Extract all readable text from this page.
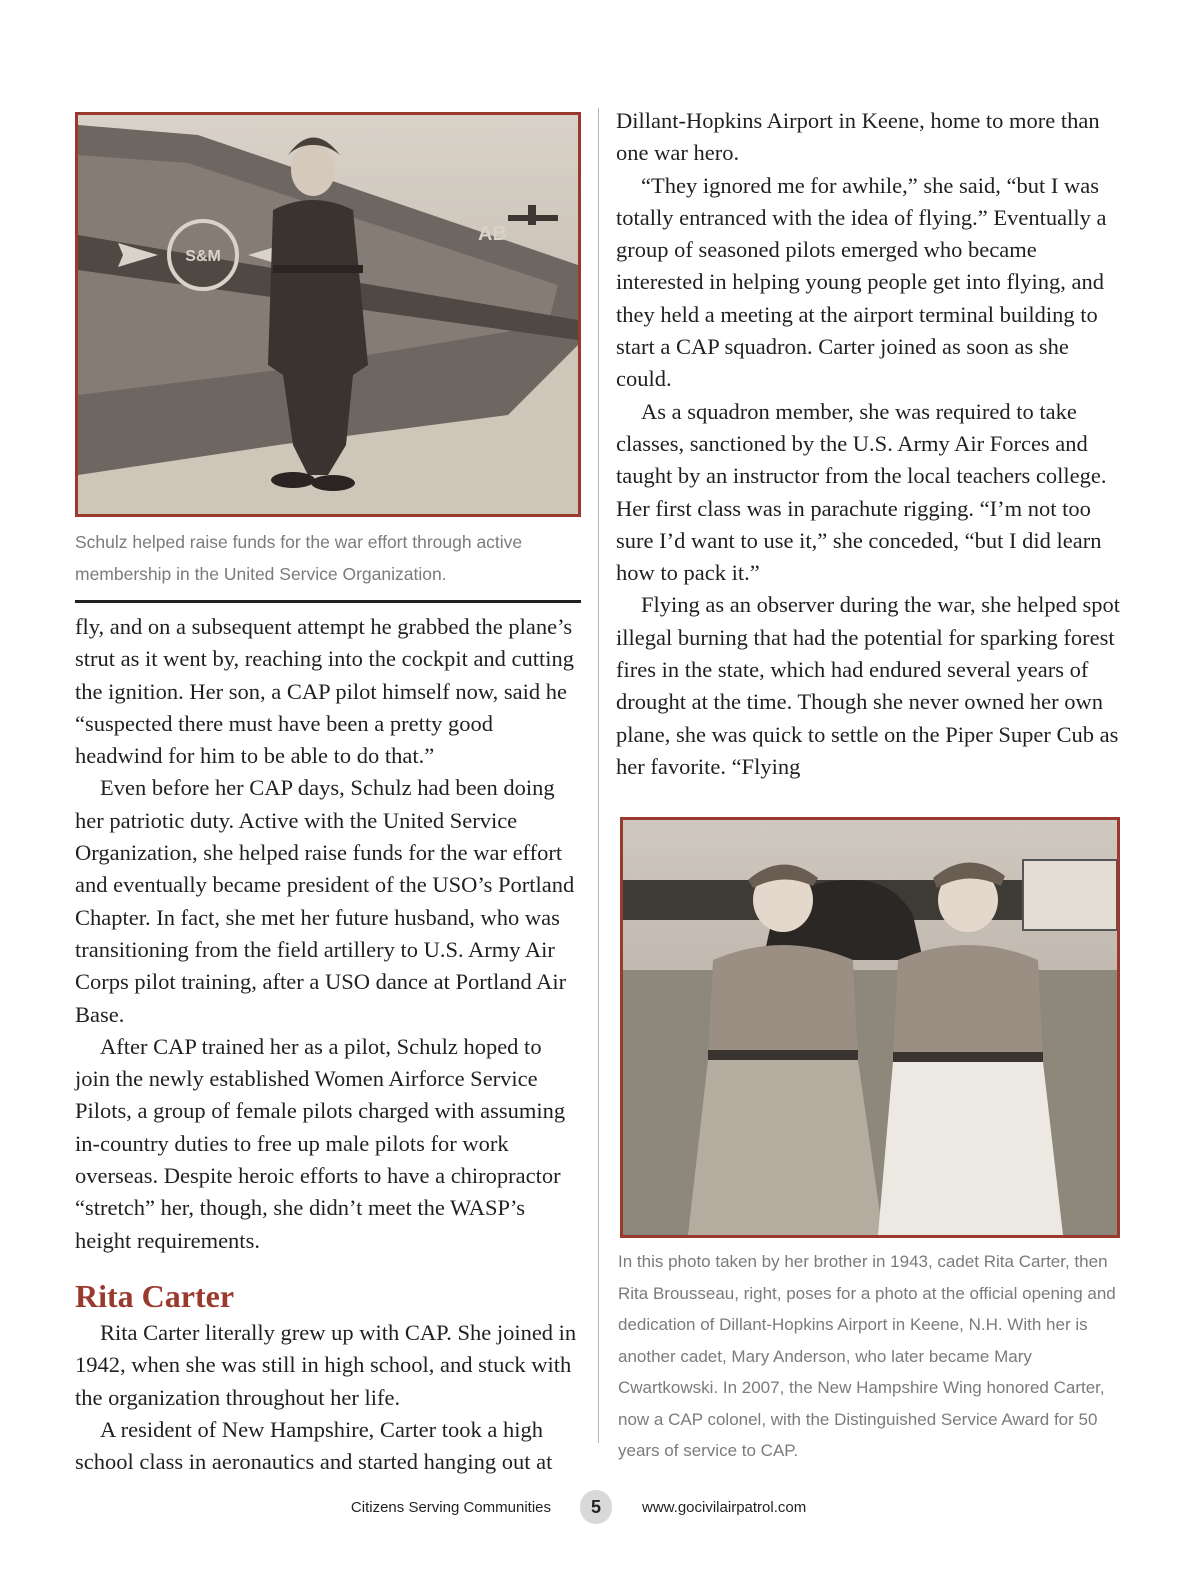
S&M
AB
Schulz helped raise funds for the war effort through active membership in the United Service Organization.

fly, and on a subsequent attempt he grabbed the plane’s strut as it went by, reaching into the cockpit and cutting the ignition. Her son, a CAP pilot himself now, said he “suspected there must have been a pretty good headwind for him to be able to do that.”

Even before her CAP days, Schulz had been doing her patriotic duty. Active with the United Service Organization, she helped raise funds for the war effort and eventually became president of the USO’s Portland Chapter. In fact, she met her future husband, who was transitioning from the field artillery to U.S. Army Air Corps pilot training, after a USO dance at Portland Air Base.

After CAP trained her as a pilot, Schulz hoped to join the newly established Women Airforce Service Pilots, a group of female pilots charged with assuming in-country duties to free up male pilots for work overseas. Despite heroic efforts to have a chiropractor “stretch” her, though, she didn’t meet the WASP’s height requirements.

Rita Carter

Rita Carter literally grew up with CAP. She joined in 1942, when she was still in high school, and stuck with the organization throughout her life.

A resident of New Hampshire, Carter took a high school class in aeronautics and started hanging out at

Dillant-Hopkins Airport in Keene, home to more than one war hero.

“They ignored me for awhile,” she said, “but I was totally entranced with the idea of flying.” Eventually a group of seasoned pilots emerged who became interested in helping young people get into flying, and they held a meeting at the airport terminal building to start a CAP squadron. Carter joined as soon as she could.

As a squadron member, she was required to take classes, sanctioned by the U.S. Army Air Forces and taught by an instructor from the local teachers college. Her first class was in parachute rigging. “I’m not too sure I’d want to use it,” she conceded, “but I did learn how to pack it.”

Flying as an observer during the war, she helped spot illegal burning that had the potential for sparking forest fires in the state, which had endured several years of drought at the time. Though she never owned her own plane, she was quick to settle on the Piper Super Cub as her favorite. “Flying

In this photo taken by her brother in 1943, cadet Rita Carter, then Rita Brousseau, right, poses for a photo at the official opening and dedication of Dillant-Hopkins Airport in Keene, N.H. With her is another cadet, Mary Anderson, who later became Mary Cwartkowski. In 2007, the New Hampshire Wing honored Carter, now a CAP colonel, with the Distinguished Service Award for 50 years of service to CAP.
Citizens Serving Communities	5	www.gocivilairpatrol.com
